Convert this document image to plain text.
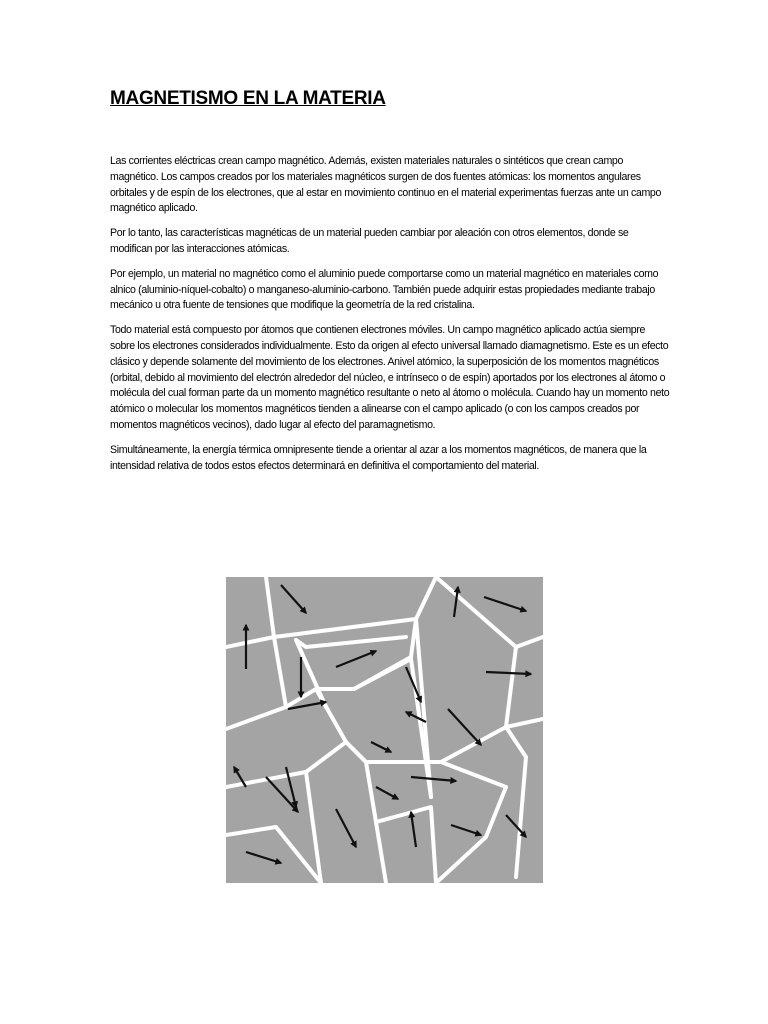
MAGNETISMO EN LA MATERIA

Las corrientes eléctricas crean campo magnético. Además, existen materiales naturales o sintéticos que crean campo magnético. Los campos creados por los materiales magnéticos surgen de dos fuentes atómicas: los momentos angulares orbitales y de espín de los electrones, que al estar en movimiento continuo en el material experimentas fuerzas ante un campo magnético aplicado.

Por lo tanto, las características magnéticas de un material pueden cambiar por aleación con otros elementos, donde se modifican por las interacciones atómicas.

Por ejemplo, un material no magnético como el aluminio puede comportarse como un material magnético en materiales como alnico (aluminio-níquel-cobalto) o manganeso-aluminio-carbono. También puede adquirir estas propiedades mediante trabajo mecánico u otra fuente de tensiones que modifique la geometría de la red cristalina.

Todo material está compuesto por átomos que contienen electrones móviles. Un campo magnético aplicado actúa siempre sobre los electrones considerados individualmente. Esto da origen al efecto universal llamado diamagnetismo. Este es un efecto clásico y depende solamente del movimiento de los electrones. Anivel atómico, la superposición de los momentos magnéticos (orbital, debido al movimiento del electrón alrededor del núcleo, e intrínseco o de espín) aportados por los electrones al átomo o molécula del cual forman parte da un momento magnético resultante o neto al átomo o molécula. Cuando hay un momento neto atómico o molecular los momentos magnéticos tienden a alinearse con el campo aplicado (o con los campos creados por momentos magnéticos vecinos), dado lugar al efecto del paramagnetismo.

Simultáneamente, la energía térmica omnipresente tiende a orientar al azar a los momentos magnéticos, de manera que la intensidad relativa de todos estos efectos determinará en definitiva el comportamiento del material.
